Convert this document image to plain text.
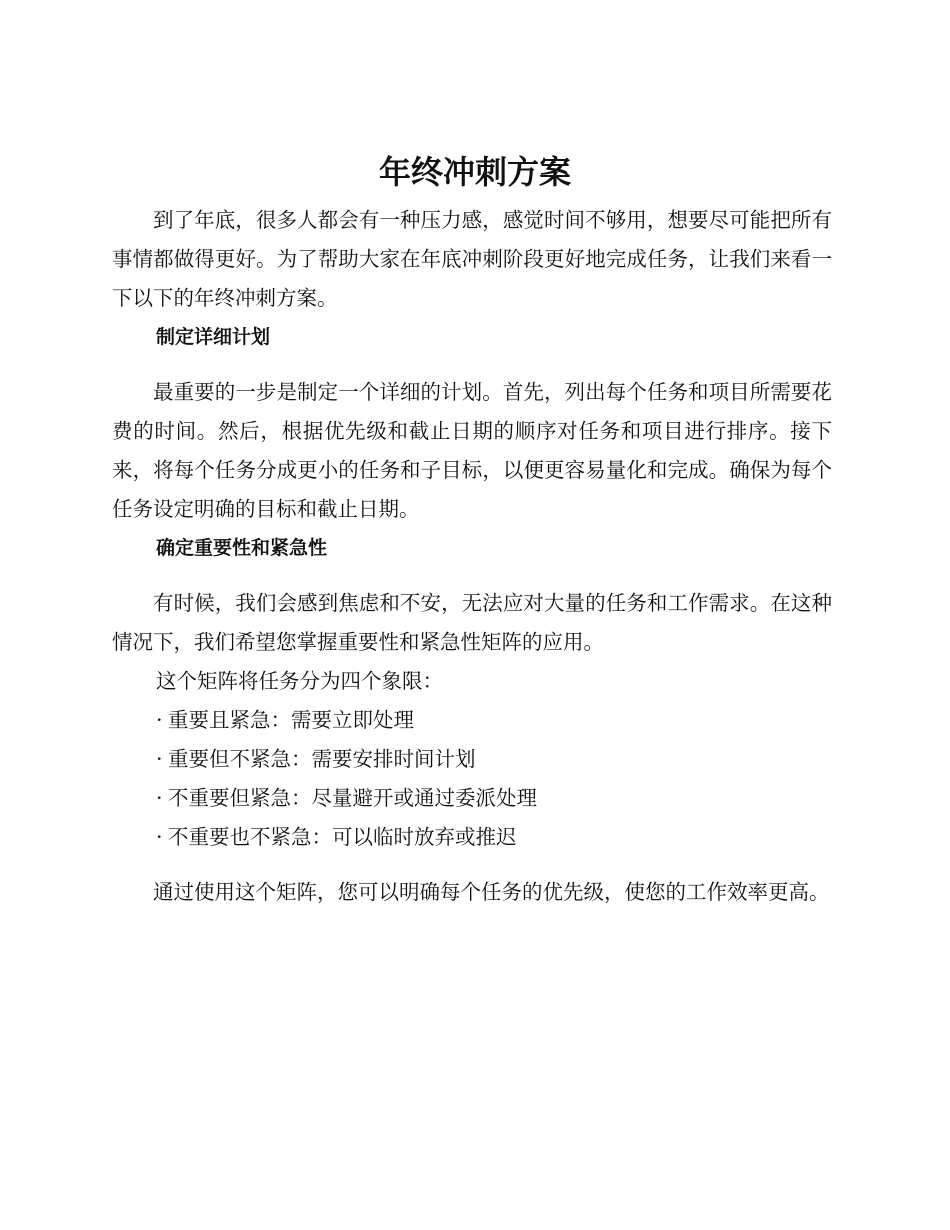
年终冲刺方案

到了年底，很多人都会有一种压力感，感觉时间不够用，想要尽可能把所有事情都做得更好。为了帮助大家在年底冲刺阶段更好地完成任务，让我们来看一下以下的年终冲刺方案。

制定详细计划

最重要的一步是制定一个详细的计划。首先，列出每个任务和项目所需要花费的时间。然后，根据优先级和截止日期的顺序对任务和项目进行排序。接下来，将每个任务分成更小的任务和子目标，以便更容易量化和完成。确保为每个任务设定明确的目标和截止日期。

确定重要性和紧急性

有时候，我们会感到焦虑和不安，无法应对大量的任务和工作需求。在这种情况下，我们希望您掌握重要性和紧急性矩阵的应用。

这个矩阵将任务分为四个象限：

· 重要且紧急：需要立即处理

· 重要但不紧急：需要安排时间计划

· 不重要但紧急：尽量避开或通过委派处理

· 不重要也不紧急：可以临时放弃或推迟

通过使用这个矩阵，您可以明确每个任务的优先级，使您的工作效率更高。
